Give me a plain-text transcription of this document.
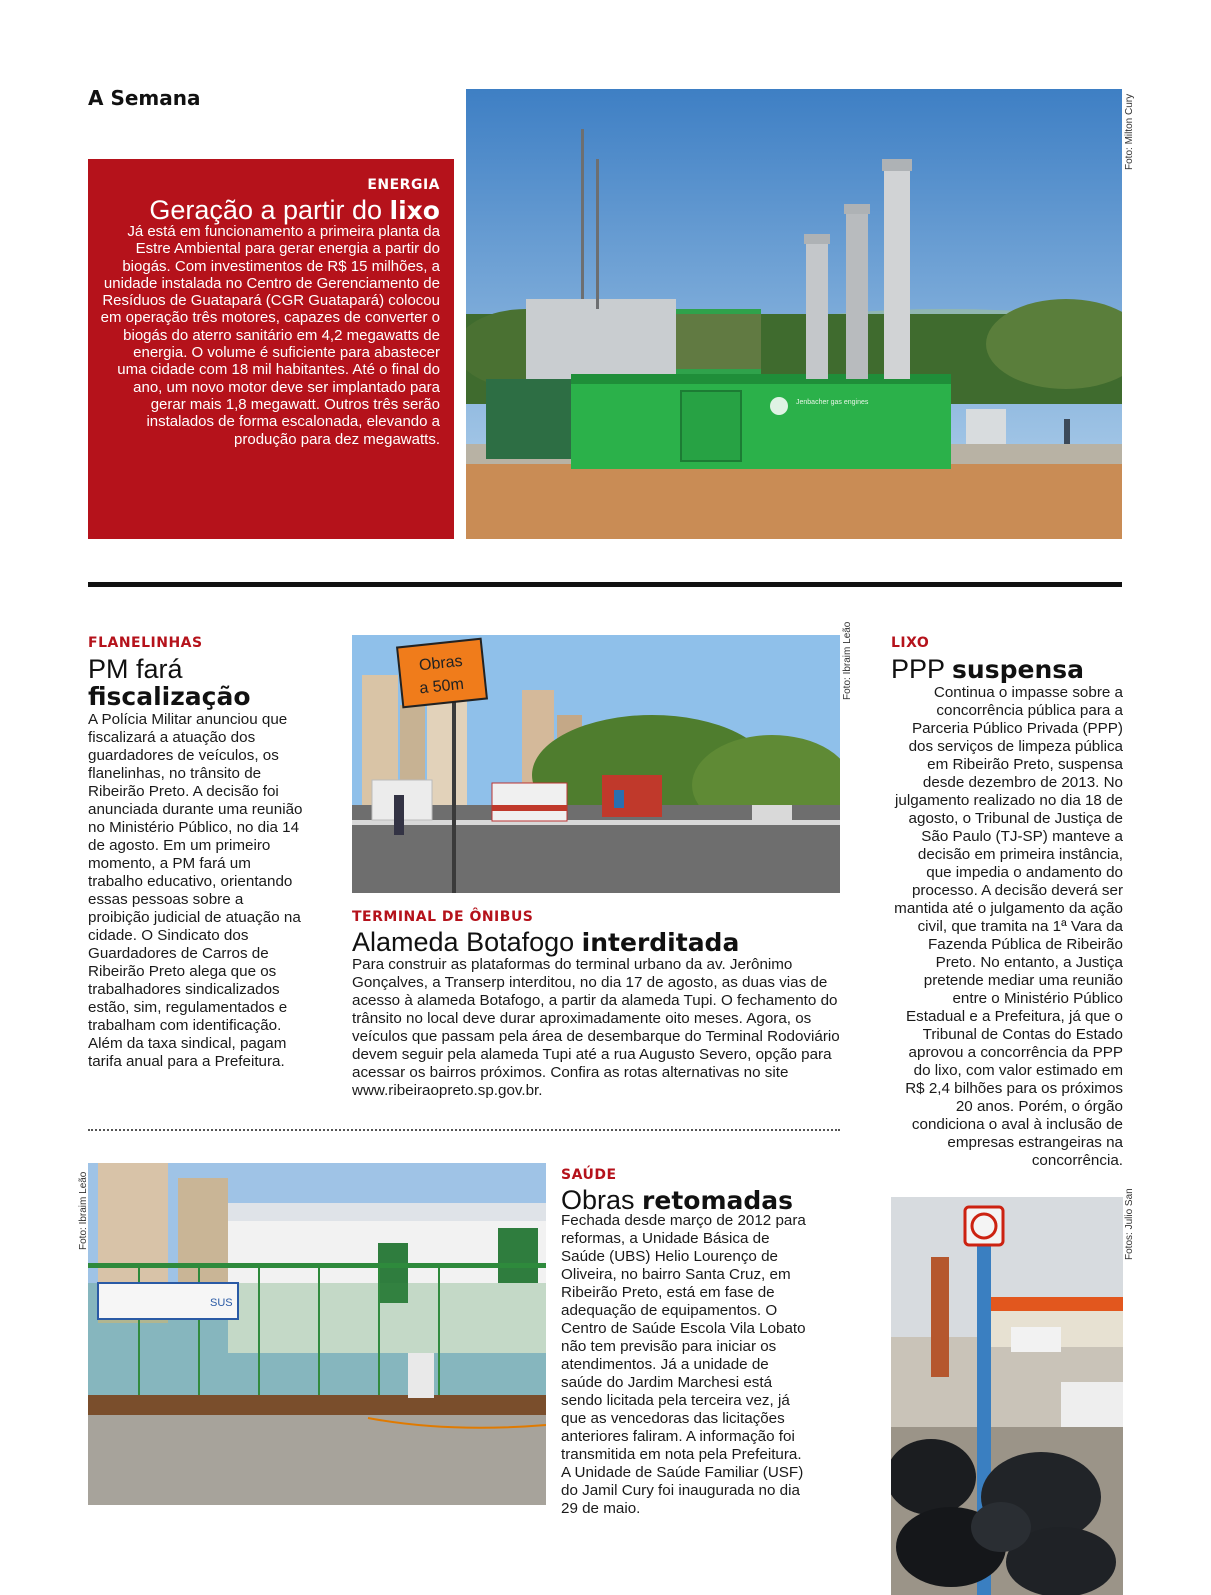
A Semana
ENERGIA
Geração a partir do lixo
Já está em funcionamento a primeira planta da Estre Ambiental para gerar energia a partir do biogás. Com investimentos de R$ 15 milhões, a unidade instalada no Centro de Gerenciamento de Resíduos de Guatapará (CGR Guatapará) colocou em operação três motores, capazes de converter o biogás do aterro sanitário em 4,2 megawatts de energia. O volume é suficiente para abastecer uma cidade com 18 mil habitantes. Até o final do ano, um novo motor deve ser implantado para gerar mais 1,8 megawatt. Outros três serão instalados de forma escalonada, elevando a produção para dez megawatts.
Jenbacher gas engines
Foto: Milton Cury
FLANELINHAS
PM fará
fiscalização
A Polícia Militar anunciou que fiscalizará a atuação dos guardadores de veículos, os flanelinhas, no trânsito de Ribeirão Preto. A decisão foi anunciada durante uma reunião no Ministério Público, no dia 14 de agosto. Em um primeiro momento, a PM fará um trabalho educativo, orientando essas pessoas sobre a proibição judicial de atuação na cidade. O Sindicato dos Guardadores de Carros de Ribeirão Preto alega que os trabalhadores sindicalizados estão, sim, regulamentados e trabalham com identificação. Além da taxa sindical, pagam tarifa anual para a Prefeitura.
Obras
a 50m	Foto: Ibraim Leão
TERMINAL DE ÔNIBUS
Alameda Botafogo interditada
Para construir as plataformas do terminal urbano da av. Jerônimo Gonçalves, a Transerp interditou, no dia 17 de agosto, as duas vias de acesso à alameda Botafogo, a partir da alameda Tupi. O fechamento do trânsito no local deve durar aproximadamente oito meses. Agora, os veículos que passam pela área de desembarque do Terminal Rodoviário devem seguir pela alameda Tupi até a rua Augusto Severo, opção para acessar os bairros próximos. Confira as rotas alternativas no site www.ribeiraopreto.sp.gov.br.
LIXO
PPP suspensa
Continua o impasse sobre a concorrência pública para a Parceria Público Privada (PPP) dos serviços de limpeza pública em Ribeirão Preto, suspensa desde dezembro de 2013. No julgamento realizado no dia 18 de agosto, o Tribunal de Justiça de São Paulo (TJ-SP) manteve a decisão em primeira instância, que impedia o andamento do processo. A decisão deverá ser mantida até o julgamento da ação civil, que tramita na 1ª Vara da Fazenda Pública de Ribeirão Preto. No entanto, a Justiça pretende mediar uma reunião entre o Ministério Público Estadual e a Prefeitura, já que o Tribunal de Contas do Estado aprovou a concorrência da PPP do lixo, com valor estimado em R$ 2,4 bilhões para os próximos 20 anos. Porém, o órgão condiciona o aval à inclusão de empresas estrangeiras na concorrência.
Fotos: Julio San
SUS
Foto: Ibraim Leão	SAÚDE
Obras retomadas
Fechada desde março de 2012 para reformas, a Unidade Básica de Saúde (UBS) Helio Lourenço de Oliveira, no bairro Santa Cruz, em Ribeirão Preto, está em fase de adequação de equipamentos. O Centro de Saúde Escola Vila Lobato não tem previsão para iniciar os atendimentos. Já a unidade de saúde do Jardim Marchesi está sendo licitada pela terceira vez, já que as vencedoras das licitações anteriores faliram. A informação foi transmitida em nota pela Prefeitura. A Unidade de Saúde Familiar (USF) do Jamil Cury foi inaugurada no dia 29 de maio.
